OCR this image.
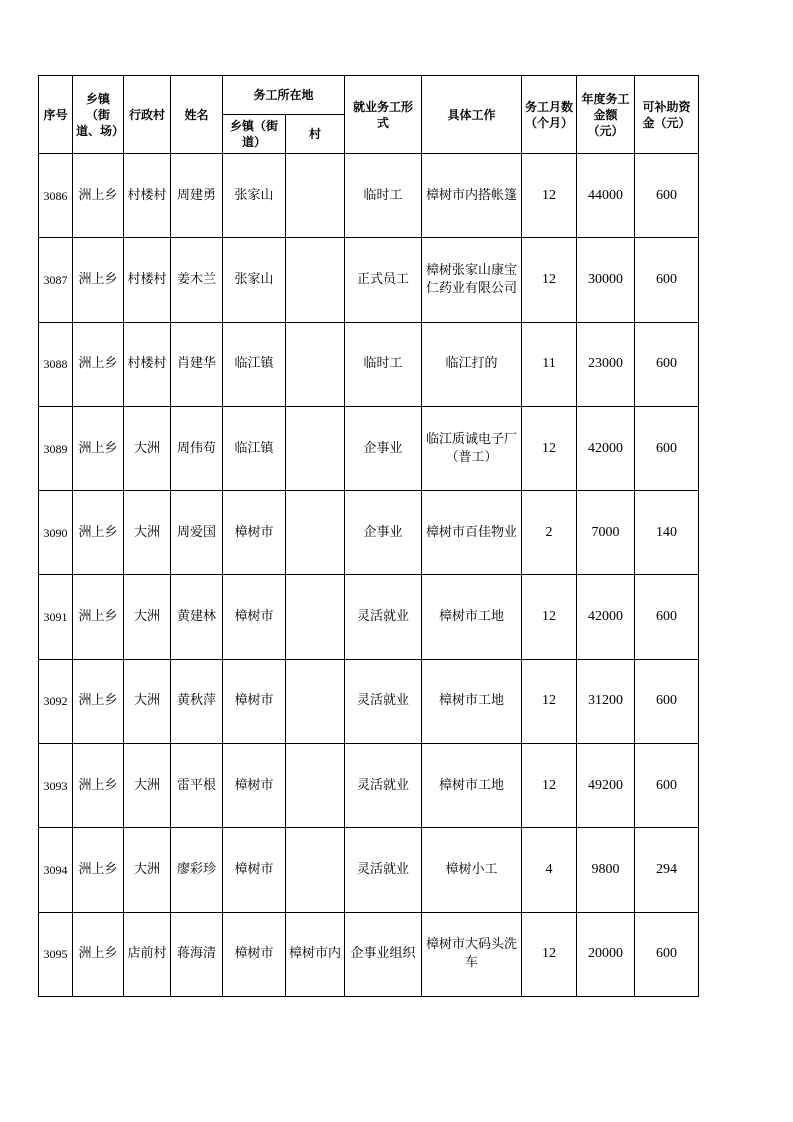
序号	乡镇（街道、场）	行政村	姓名	务工所在地		就业务工形式	具体工作	务工月数（个月）	年度务工金额（元）	可补助资金（元）
				乡镇（街道）	村					
3086	洲上乡	村楼村	周建勇	张家山		临时工	樟树市内搭帐篷	12	44000	600
3087	洲上乡	村楼村	姜木兰	张家山		正式员工	樟树张家山康宝仁药业有限公司	12	30000	600
3088	洲上乡	村楼村	肖建华	临江镇		临时工	临江打的	11	23000	600
3089	洲上乡	大洲	周伟苟	临江镇		企事业	临江质诚电子厂（普工）	12	42000	600
3090	洲上乡	大洲	周爱国	樟树市		企事业	樟树市百佳物业	2	7000	140
3091	洲上乡	大洲	黄建林	樟树市		灵活就业	樟树市工地	12	42000	600
3092	洲上乡	大洲	黄秋萍	樟树市		灵活就业	樟树市工地	12	31200	600
3093	洲上乡	大洲	雷平根	樟树市		灵活就业	樟树市工地	12	49200	600
3094	洲上乡	大洲	廖彩珍	樟树市		灵活就业	樟树小工	4	9800	294
3095	洲上乡	店前村	蒋海清	樟树市	樟树市内	企事业组织	樟树市大码头洗车	12	20000	600
